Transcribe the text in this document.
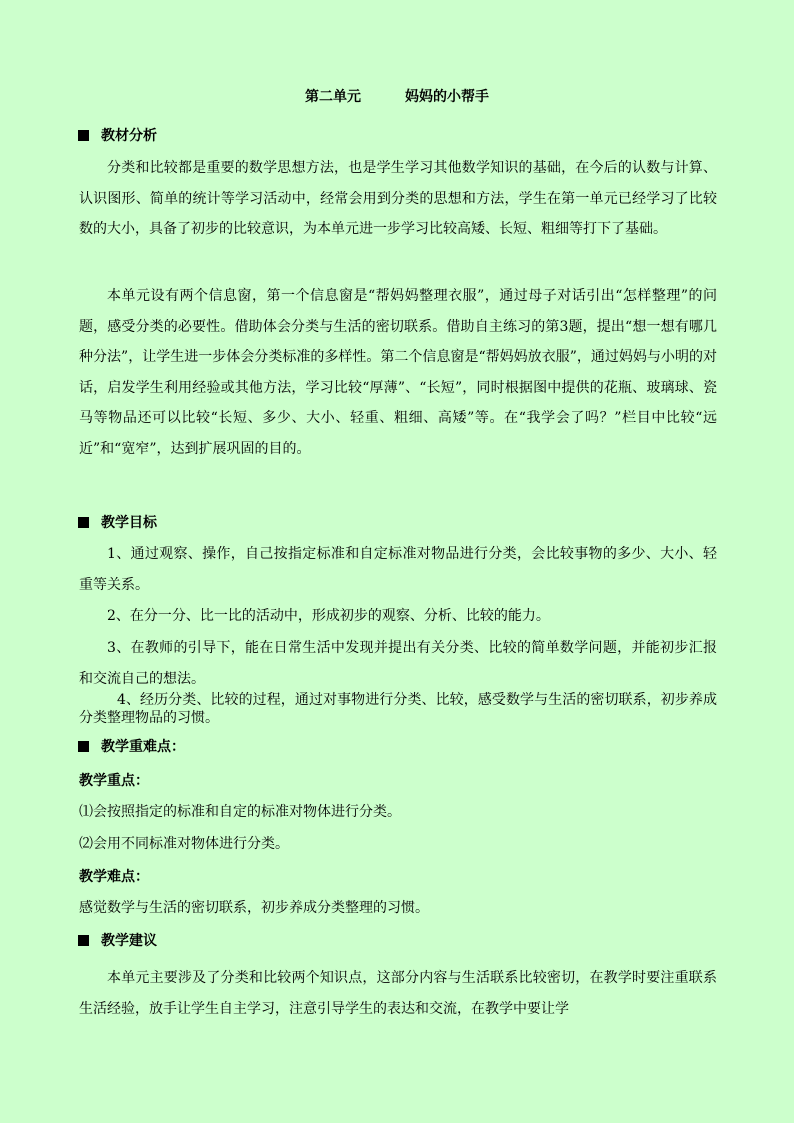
第二单元	妈妈的小帮手
教材分析
分类和比较都是重要的数学思想方法，也是学生学习其他数学知识的基础，在今后的认数与计算、认识图形、简单的统计等学习活动中，经常会用到分类的思想和方法，学生在第一单元已经学习了比较数的大小，具备了初步的比较意识，为本单元进一步学习比较高矮、长短、粗细等打下了基础。
本单元设有两个信息窗，第一个信息窗是“帮妈妈整理衣服”，通过母子对话引出“怎样整理”的问题，感受分类的必要性。借助体会分类与生活的密切联系。借助自主练习的第3题，提出“想一想有哪几种分法”，让学生进一步体会分类标准的多样性。第二个信息窗是“帮妈妈放衣服”，通过妈妈与小明的对话，启发学生利用经验或其他方法，学习比较“厚薄”、“长短”，同时根据图中提供的花瓶、玻璃球、瓷马等物品还可以比较“长短、多少、大小、轻重、粗细、高矮”等。在“我学会了吗？”栏目中比较“远近”和“宽窄”，达到扩展巩固的目的。
教学目标
1、通过观察、操作，自己按指定标准和自定标准对物品进行分类，会比较事物的多少、大小、轻重等关系。
2、在分一分、比一比的活动中，形成初步的观察、分析、比较的能力。
3、在教师的引导下，能在日常生活中发现并提出有关分类、比较的简单数学问题，并能初步汇报和交流自己的想法。
4、经历分类、比较的过程，通过对事物进行分类、比较，感受数学与生活的密切联系，初步养成分类整理物品的习惯。
教学重难点：
教学重点：
⑴会按照指定的标准和自定的标准对物体进行分类。
⑵会用不同标准对物体进行分类。
教学难点：
感觉数学与生活的密切联系，初步养成分类整理的习惯。
教学建议
本单元主要涉及了分类和比较两个知识点，这部分内容与生活联系比较密切，在教学时要注重联系生活经验，放手让学生自主学习，注意引导学生的表达和交流，在教学中要让学
